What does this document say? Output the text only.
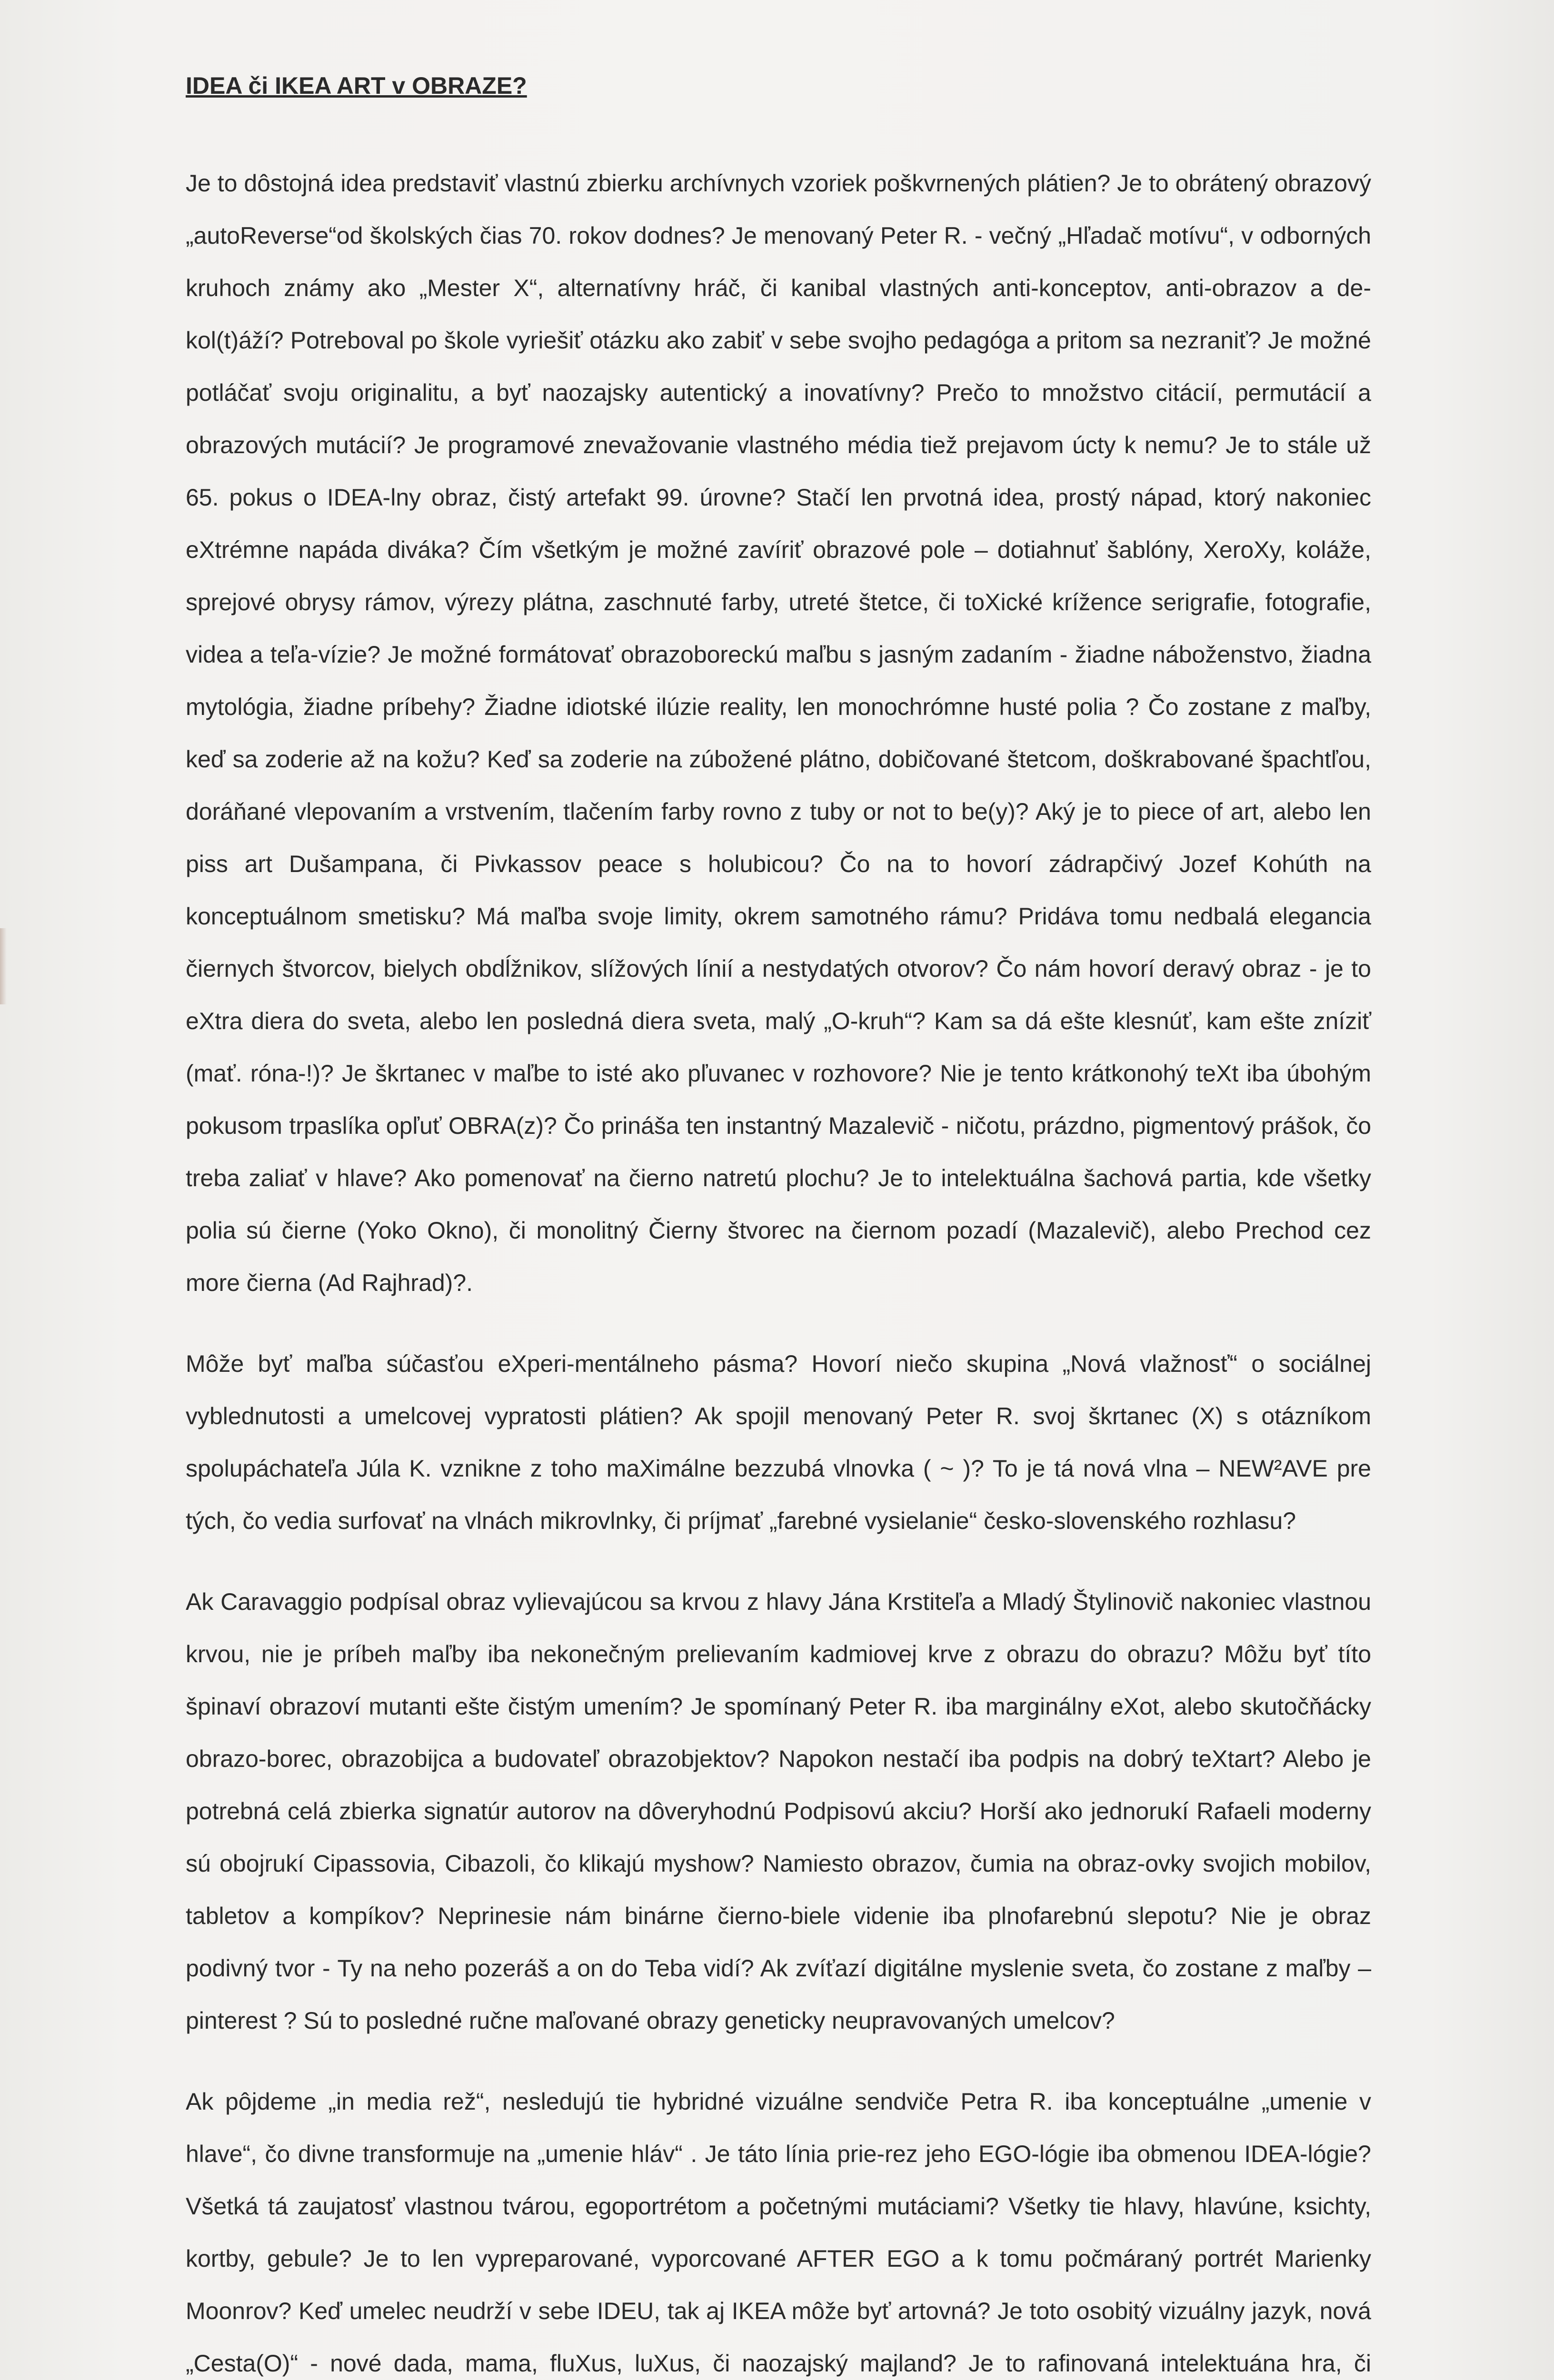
IDEA či IKEA ART v OBRAZE?

Je to dôstojná idea predstaviť vlastnú zbierku archívnych vzoriek poškvrnených plátien? Je to obrátený obrazový „autoReverse“od školských čias 70. rokov dodnes? Je menovaný Peter R. - večný „Hľadač motívu“, v odborných kruhoch známy ako „Mester X“, alternatívny hráč, či kanibal vlastných anti-konceptov, anti-obrazov a de-kol(t)áží? Potreboval po škole vyriešiť otázku ako zabiť v sebe svojho pedagóga a pritom sa nezraniť? Je možné potláčať svoju originalitu, a byť naozajsky autentický a inovatívny? Prečo to množstvo citácií, permutácií a obrazových mutácií? Je programové znevažovanie vlastného média tiež prejavom úcty k nemu? Je to stále už 65. pokus o IDEA-lny obraz, čistý artefakt 99. úrovne? Stačí len prvotná idea, prostý nápad, ktorý nakoniec eXtrémne napáda diváka? Čím všetkým je možné zavíriť obrazové pole – dotiahnuť šablóny, XeroXy, koláže, sprejové obrysy rámov, výrezy plátna, zaschnuté farby, utreté štetce, či toXické krížence serigrafie, fotografie, videa a teľa-vízie? Je možné formátovať obrazoboreckú maľbu s jasným zadaním - žiadne náboženstvo, žiadna mytológia, žiadne príbehy? Žiadne idiotské ilúzie reality, len monochrómne husté polia ? Čo zostane z maľby, keď sa zoderie až na kožu? Keď sa zoderie na zúbožené plátno, dobičované štetcom, doškrabované špachtľou, doráňané vlepovaním a vrstvením, tlačením farby rovno z tuby or not to be(y)? Aký je to piece of art, alebo len piss art Dušampana, či Pivkassov peace s holubicou? Čo na to hovorí zádrapčivý Jozef Kohúth na konceptuálnom smetisku? Má maľba svoje limity, okrem samotného rámu? Pridáva tomu nedbalá elegancia čiernych štvorcov, bielych obdĺžnikov, slížových línií a nestydatých otvorov? Čo nám hovorí deravý obraz - je to eXtra diera do sveta, alebo len posledná diera sveta, malý „O-kruh“? Kam sa dá ešte klesnúť, kam ešte zníziť (mať. róna-!)? Je škrtanec v maľbe to isté ako pľuvanec v rozhovore? Nie je tento krátkonohý teXt iba úbohým pokusom trpaslíka opľuť OBRA(z)? Čo prináša ten instantný Mazalevič - ničotu, prázdno, pigmentový prášok, čo treba zaliať v hlave? Ako pomenovať na čierno natretú plochu? Je to intelektuálna šachová partia, kde všetky polia sú čierne (Yoko Okno), či monolitný Čierny štvorec na čiernom pozadí (Mazalevič), alebo Prechod cez more čierna (Ad Rajhrad)?.

Môže byť maľba súčasťou eXperi-mentálneho pásma? Hovorí niečo skupina „Nová vlažnosť“ o sociálnej vyblednutosti a umelcovej vypratosti plátien? Ak spojil menovaný Peter R. svoj škrtanec (X) s otázníkom spolupáchateľa Júla K. vznikne z toho maXimálne bezzubá vlnovka ( ~ )? To je tá nová vlna – NEW²AVE pre tých, čo vedia surfovať na vlnách mikrovlnky, či príjmať „farebné vysielanie“ česko-slovenského rozhlasu?

Ak Caravaggio podpísal obraz vylievajúcou sa krvou z hlavy Jána Krstiteľa a Mladý Štylinovič nakoniec vlastnou krvou, nie je príbeh maľby iba nekonečným prelievaním kadmiovej krve z obrazu do obrazu? Môžu byť títo špinaví obrazoví mutanti ešte čistým umením? Je spomínaný Peter R. iba marginálny eXot, alebo skutočňácky obrazo-borec, obrazobijca a budovateľ obrazobjektov? Napokon nestačí iba podpis na dobrý teXtart? Alebo je potrebná celá zbierka signatúr autorov na dôveryhodnú Podpisovú akciu? Horší ako jednorukí Rafaeli moderny sú obojrukí Cipassovia, Cibazoli, čo klikajú myshow? Namiesto obrazov, čumia na obraz-ovky svojich mobilov, tabletov a kompíkov? Neprinesie nám binárne čierno-biele videnie iba plnofarebnú slepotu? Nie je obraz podivný tvor - Ty na neho pozeráš a on do Teba vidí? Ak zvíťazí digitálne myslenie sveta, čo zostane z maľby – pinterest ? Sú to posledné ručne maľované obrazy geneticky neupravovaných umelcov?

Ak pôjdeme „in media rež“, nesledujú tie hybridné vizuálne sendviče Petra R. iba konceptuálne „umenie v hlave“, čo divne transformuje na „umenie hláv“ . Je táto línia prie-rez jeho EGO-lógie iba obmenou IDEA-lógie? Všetká tá zaujatosť vlastnou tvárou, egoportrétom a početnými mutáciami? Všetky tie hlavy, hlavúne, ksichty, kortby, gebule? Je to len vypreparované, vyporcované AFTER EGO a k tomu počmáraný portrét Marienky Moonrov? Keď umelec neudrží v sebe IDEU, tak aj IKEA môže byť artovná? Je toto osobitý vizuálny jazyk, nová „Cesta(O)“ - nové dada, mama, fluXus, luXus, či naozajský majland? Je to rafinovaná intelektuána hra, či
